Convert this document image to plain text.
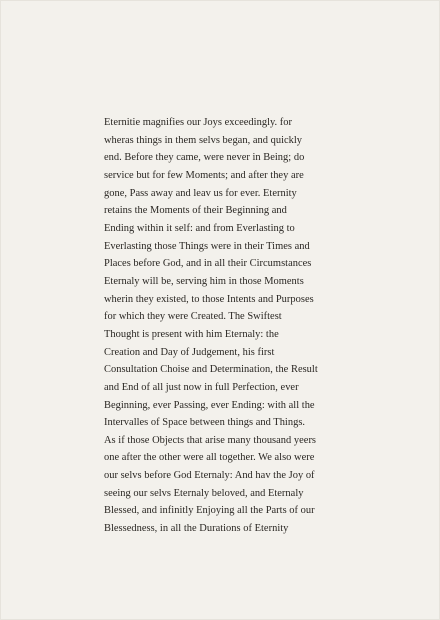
Eternitie magnifies our Joys exceedingly. for
wheras things in them selvs began, and quickly
end. Before they came, were never in Being; do
service but for few Moments; and after they are
gone, Pass away and leav us for ever. Eternity
retains the Moments of their Beginning and
Ending within it self: and from Everlasting to
Everlasting those Things were in their Times and
Places before God, and in all their Circumstances
Eternaly will be, serving him in those Moments
wherin they existed, to those Intents and Purposes
for which they were Created. The Swiftest
Thought is present with him Eternaly: the
Creation and Day of Judgement, his first
Consultation Choise and Determination, the Result
and End of all just now in full Perfection, ever
Beginning, ever Passing, ever Ending: with all the
Intervalles of Space between things and Things.
As if those Objects that arise many thousand yeers
one after the other were all together. We also were
our selvs before God Eternaly: And hav the Joy of
seeing our selvs Eternaly beloved, and Eternaly
Blessed, and infinitly Enjoying all the Parts of our
Blessedness, in all the Durations of Eternity
